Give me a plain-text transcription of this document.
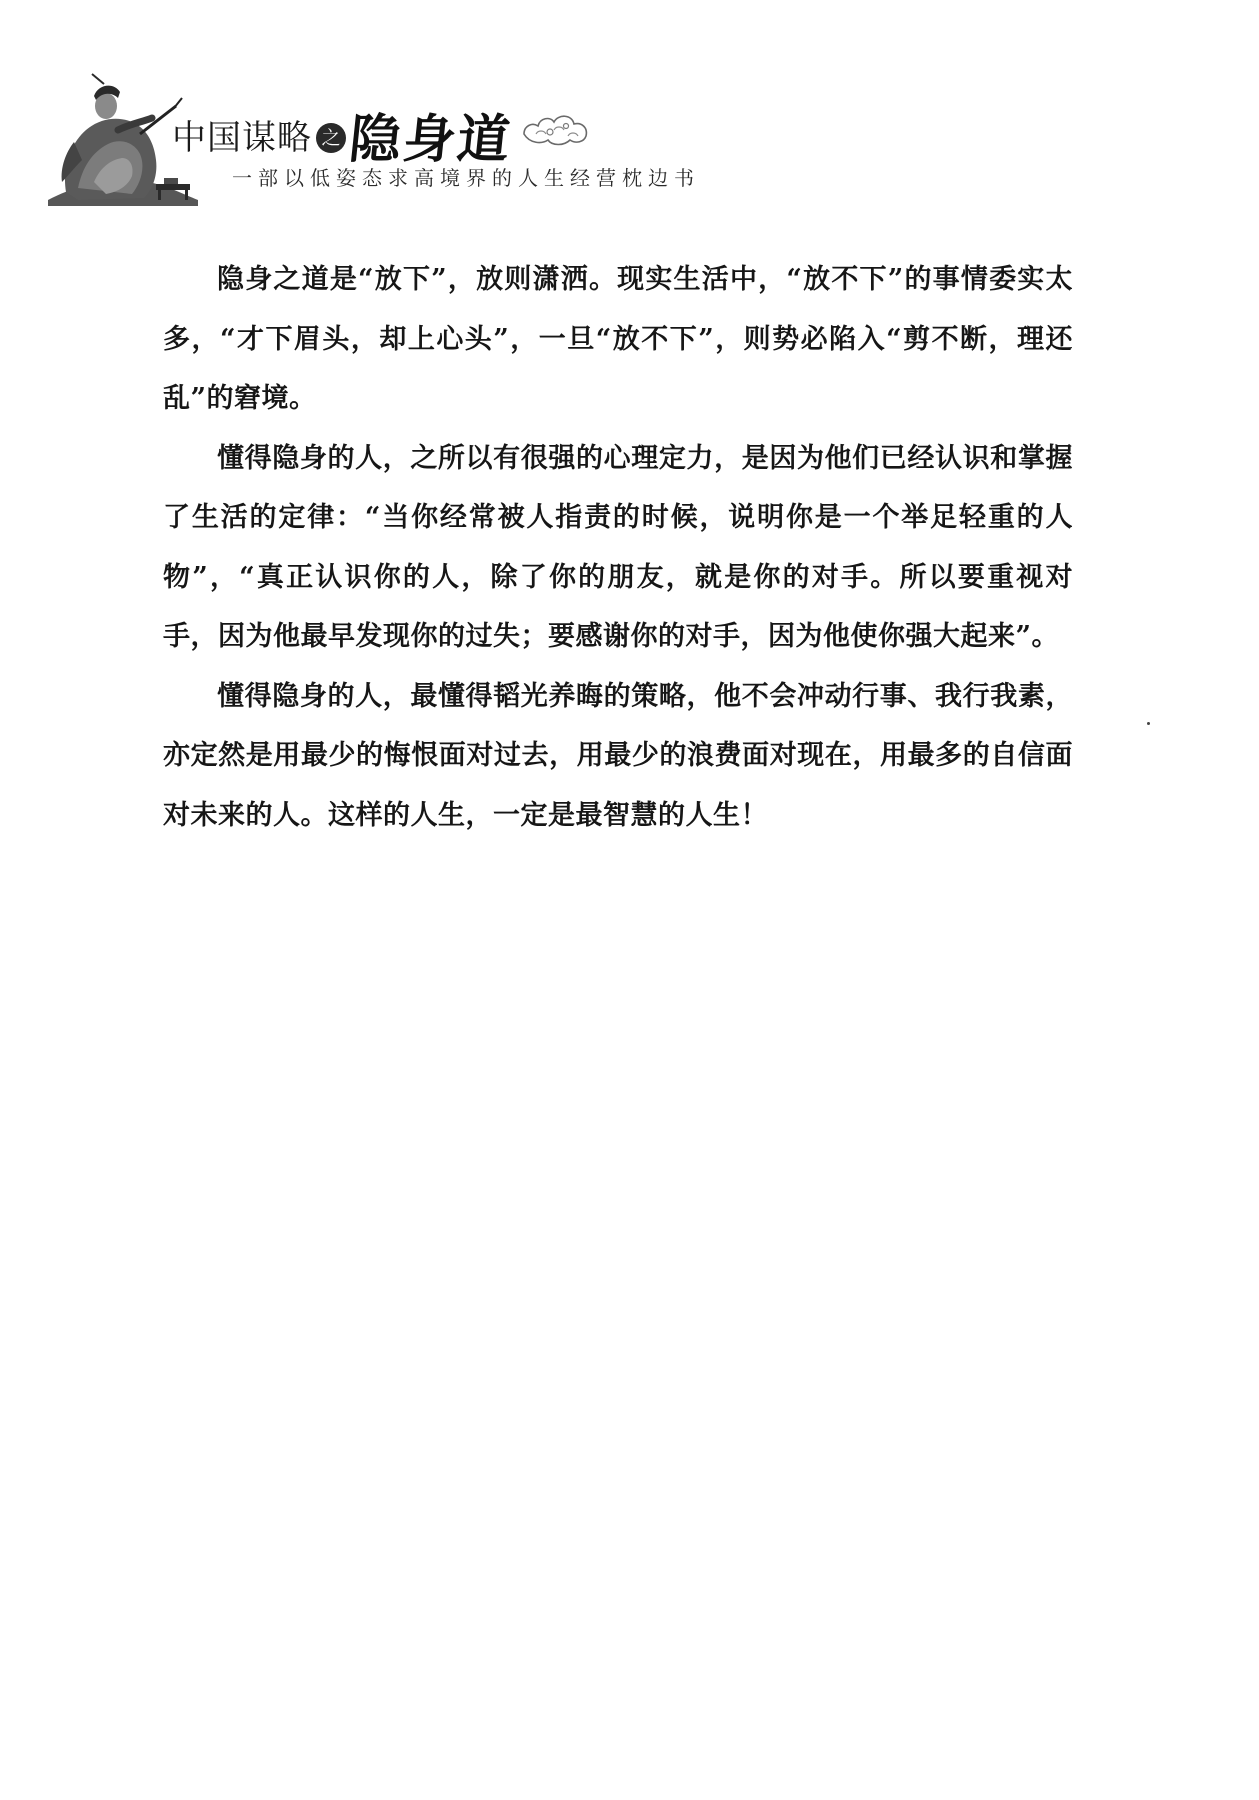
中国谋略 之 隐身道
一部以低姿态求高境界的人生经营枕边书

隐身之道是“放下”，放则潇洒。现实生活中，“放不下”的事情委实太多，“才下眉头，却上心头”，一旦“放不下”，则势必陷入“剪不断，理还乱”的窘境。

懂得隐身的人，之所以有很强的心理定力，是因为他们已经认识和掌握了生活的定律：“当你经常被人指责的时候，说明你是一个举足轻重的人物”，“真正认识你的人，除了你的朋友，就是你的对手。所以要重视对手，因为他最早发现你的过失；要感谢你的对手，因为他使你强大起来”。

懂得隐身的人，最懂得韬光养晦的策略，他不会冲动行事、我行我素，亦定然是用最少的悔恨面对过去，用最少的浪费面对现在，用最多的自信面对未来的人。这样的人生，一定是最智慧的人生！
